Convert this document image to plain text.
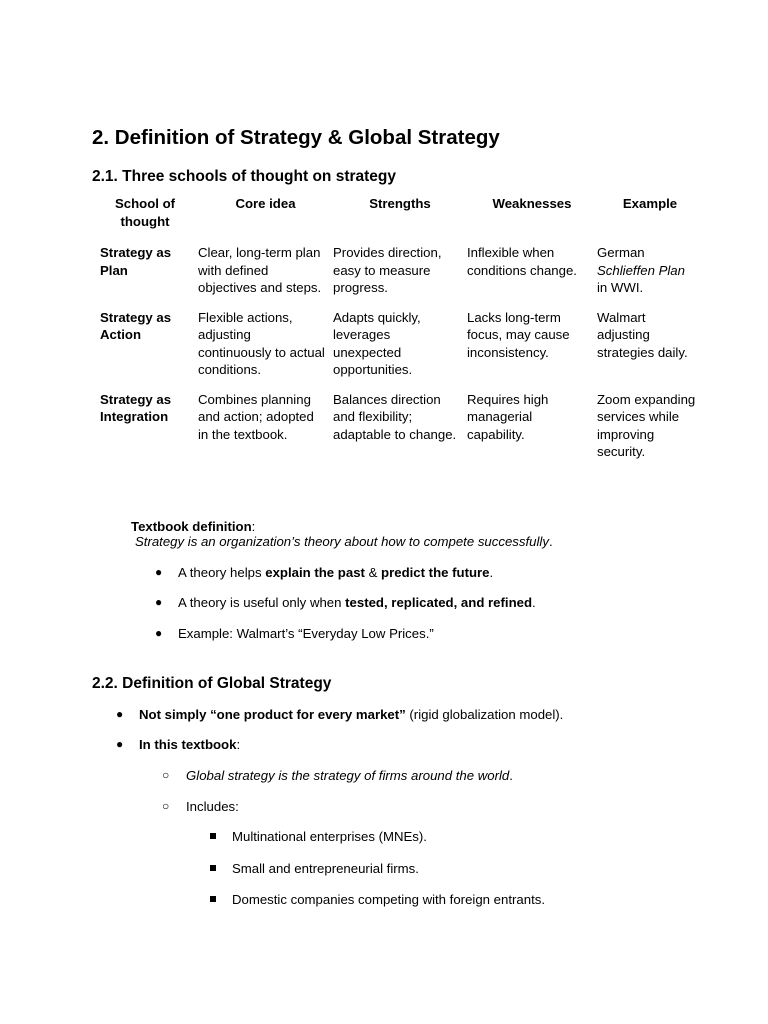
2. Definition of Strategy & Global Strategy
2.1. Three schools of thought on strategy
School of thought	Core idea	Strengths	Weaknesses	Example
Strategy as Plan	Clear, long-term plan with defined objectives and steps.	Provides direction, easy to measure progress.	Inflexible when conditions change.	German Schlieffen Plan in WWI.
Strategy as Action	Flexible actions, adjusting continuously to actual conditions.	Adapts quickly, leverages unexpected opportunities.	Lacks long-term focus, may cause inconsistency.	Walmart adjusting strategies daily.
Strategy as Integration	Combines planning and action; adopted in the textbook.	Balances direction and flexibility; adaptable to change.	Requires high managerial capability.	Zoom expanding services while improving security.
Textbook definition:
Strategy is an organization’s theory about how to compete successfully.
● A theory helps explain the past & predict the future.
● A theory is useful only when tested, replicated, and refined.
● Example: Walmart’s “Everyday Low Prices.”
2.2. Definition of Global Strategy
● Not simply “one product for every market” (rigid globalization model).
● In this textbook:
○ Global strategy is the strategy of firms around the world.
○ Includes:
Multinational enterprises (MNEs).
Small and entrepreneurial firms.
Domestic companies competing with foreign entrants.
